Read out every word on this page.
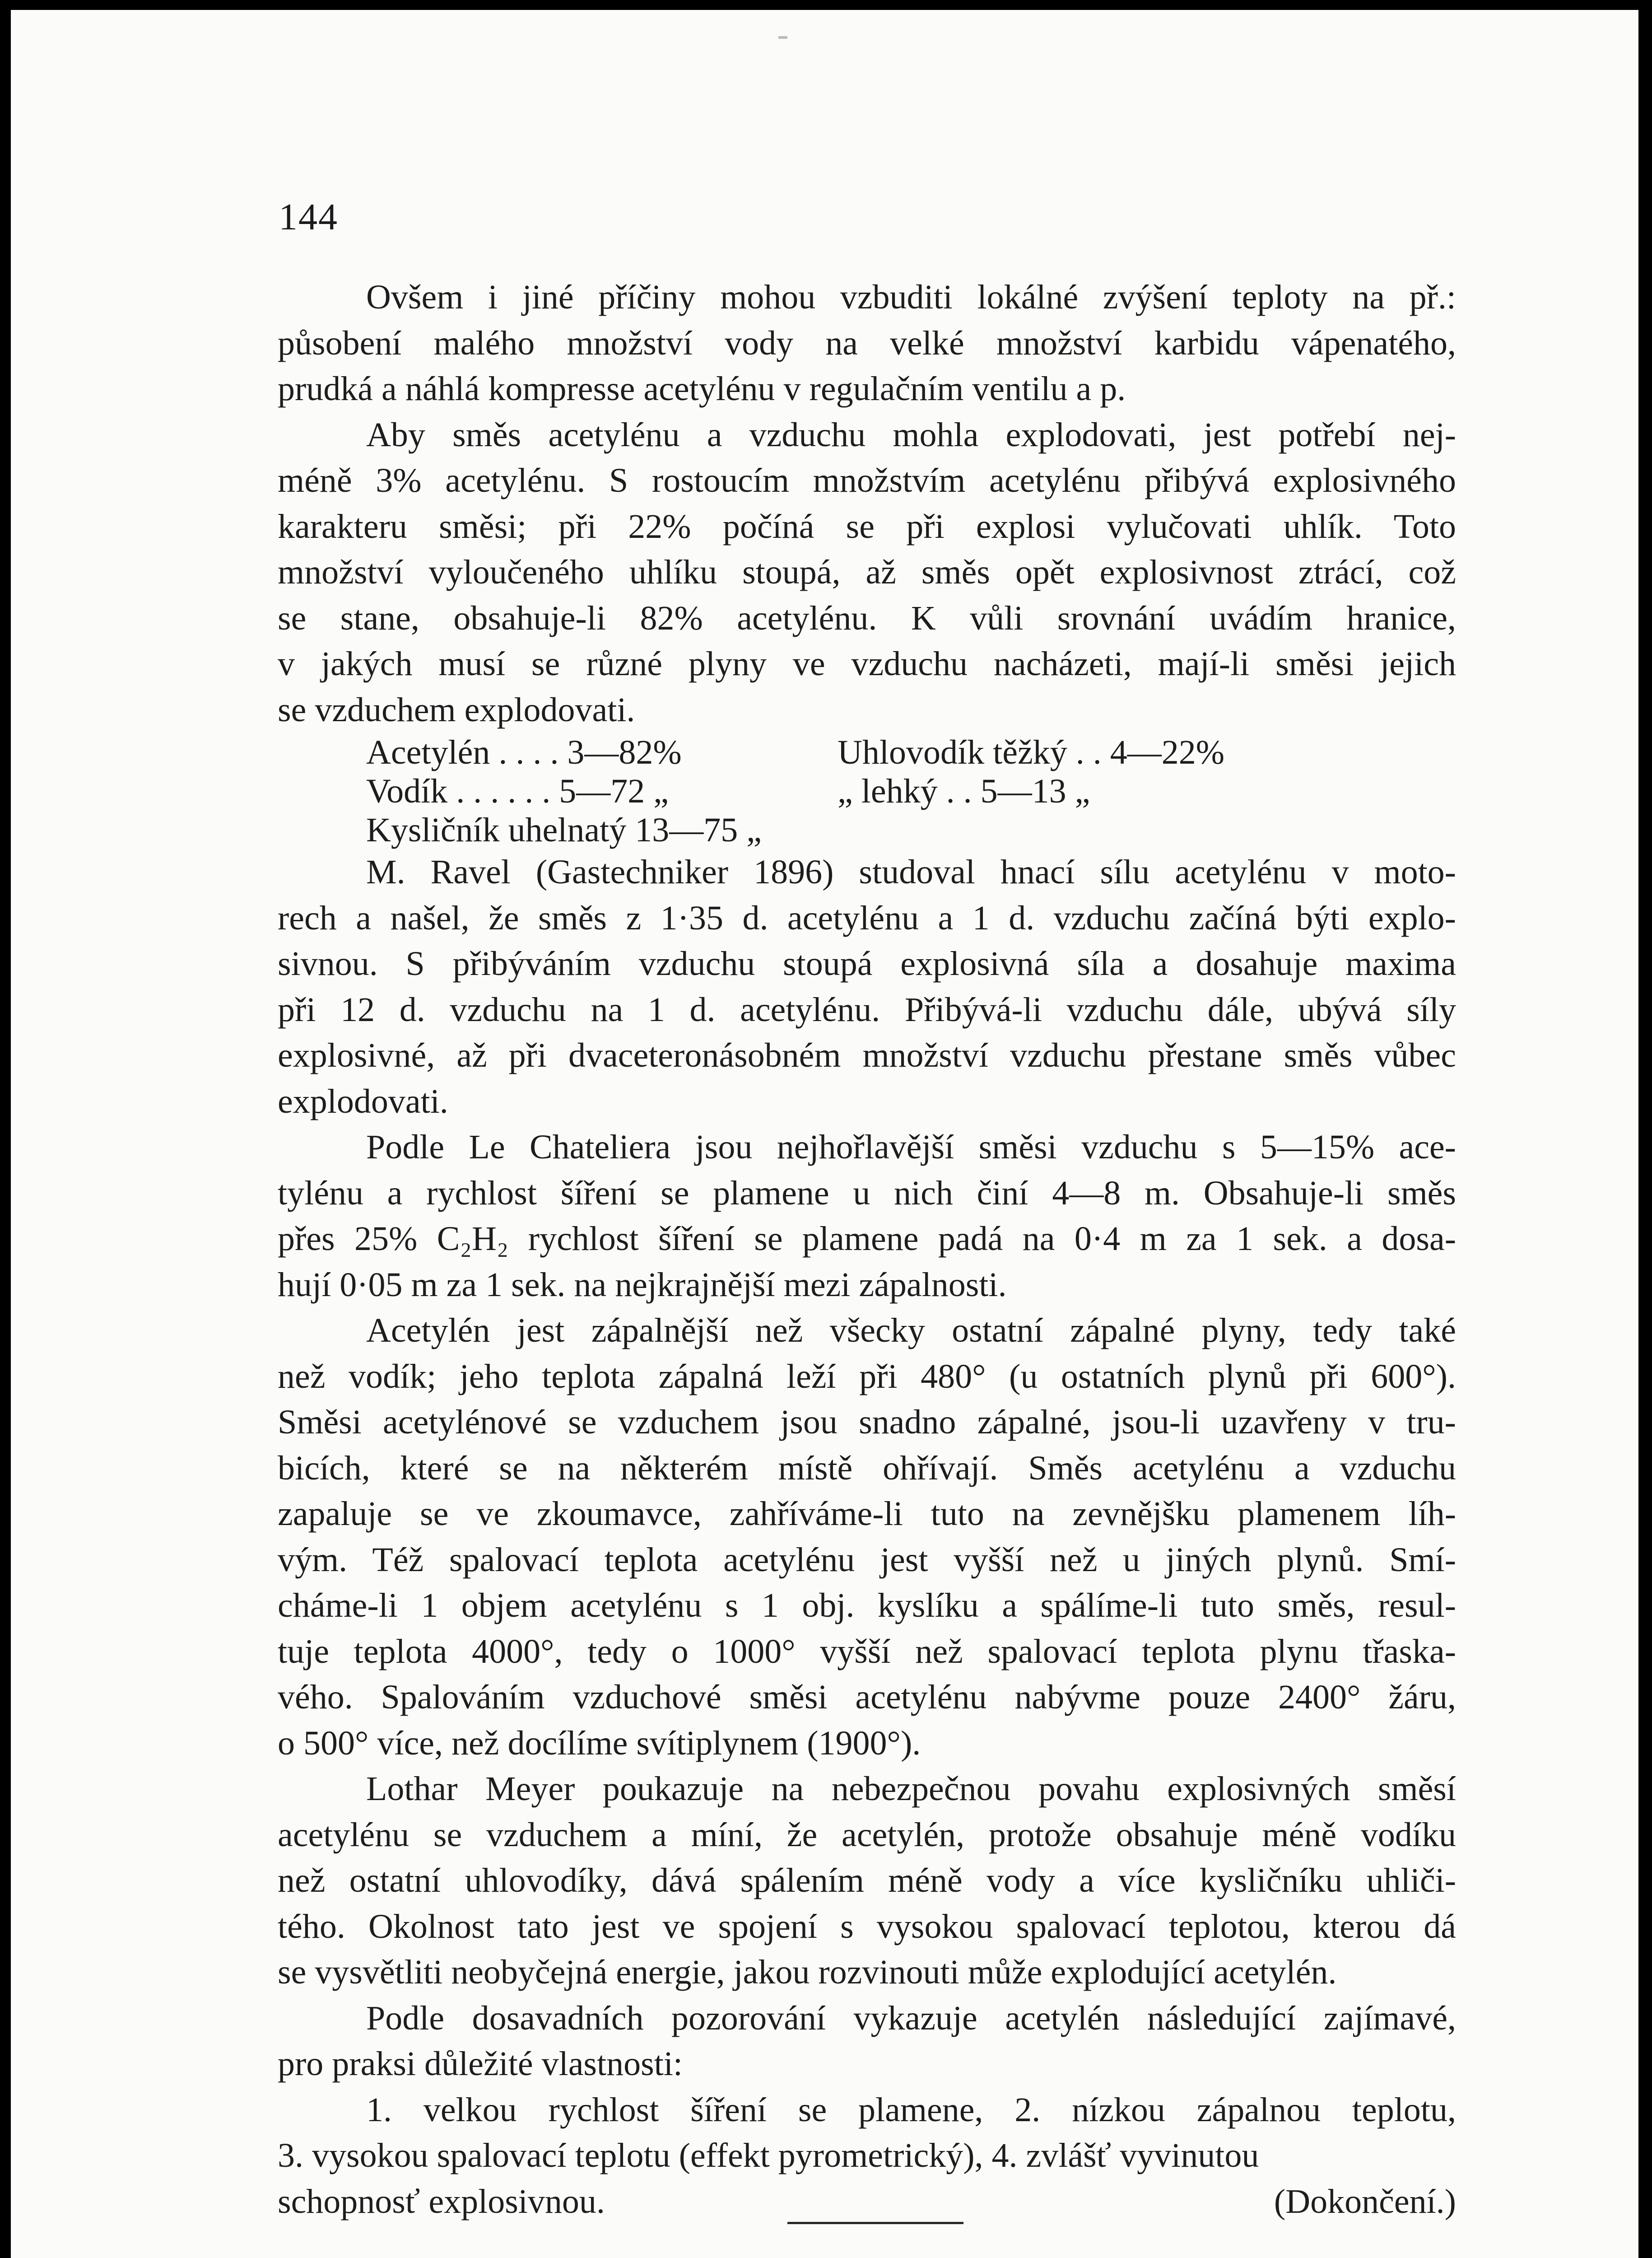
144
Ovšem i jiné příčiny mohou vzbuditi lokálné zvýšení teploty na př.:
působení malého množství vody na velké množství karbidu vápenatého,
prudká a náhlá kompresse acetylénu v regulačním ventilu a p.
Aby směs acetylénu a vzduchu mohla explodovati, jest potřebí nej-
méně 3% acetylénu. S rostoucím množstvím acetylénu přibývá explosivného
karakteru směsi; při 22% počíná se při explosi vylučovati uhlík. Toto
množství vyloučeného uhlíku stoupá, až směs opět explosivnost ztrácí, což
se stane, obsahuje-li 82% acetylénu. K vůli srovnání uvádím hranice,
v jakých musí se různé plyny ve vzduchu nacházeti, mají-li směsi jejich
se vzduchem explodovati.
Acetylén . . . . 3—82%	Uhlovodík těžký . . 4—22%
Vodík . . . . . . 5—72 „	„ lehký . . 5—13 „
Kysličník uhelnatý 13—75 „
M. Ravel (Gastechniker 1896) studoval hnací sílu acetylénu v moto-
rech a našel, že směs z 1·35 d. acetylénu a 1 d. vzduchu začíná býti explo-
sivnou. S přibýváním vzduchu stoupá explosivná síla a dosahuje maxima
při 12 d. vzduchu na 1 d. acetylénu. Přibývá-li vzduchu dále, ubývá síly
explosivné, až při dvaceteronásobném množství vzduchu přestane směs vůbec
explodovati.
Podle Le Chateliera jsou nejhořlavější směsi vzduchu s 5—15% ace-
tylénu a rychlost šíření se plamene u nich činí 4—8 m. Obsahuje-li směs
přes 25% C₂H₂ rychlost šíření se plamene padá na 0·4 m za 1 sek. a dosa-
hují 0·05 m za 1 sek. na nejkrajnější mezi zápalnosti.
Acetylén jest zápalnější než všecky ostatní zápalné plyny, tedy také
než vodík; jeho teplota zápalná leží při 480° (u ostatních plynů při 600°).
Směsi acetylénové se vzduchem jsou snadno zápalné, jsou-li uzavřeny v tru-
bicích, které se na některém místě ohřívají. Směs acetylénu a vzduchu
zapaluje se ve zkoumavce, zahříváme-li tuto na zevnějšku plamenem líh-
vým. Též spalovací teplota acetylénu jest vyšší než u jiných plynů. Smí-
cháme-li 1 objem acetylénu s 1 obj. kyslíku a spálíme-li tuto směs, resul-
tuje teplota 4000°, tedy o 1000° vyšší než spalovací teplota plynu třaska-
vého. Spalováním vzduchové směsi acetylénu nabývme pouze 2400° žáru,
o 500° více, než docílíme svítiplynem (1900°).
Lothar Meyer poukazuje na nebezpečnou povahu explosivných směsí
acetylénu se vzduchem a míní, že acetylén, protože obsahuje méně vodíku
než ostatní uhlovodíky, dává spálením méně vody a více kysličníku uhliči-
tého. Okolnost tato jest ve spojení s vysokou spalovací teplotou, kterou dá
se vysvětliti neobyčejná energie, jakou rozvinouti může explodující acetylén.
Podle dosavadních pozorování vykazuje acetylén následující zajímavé,
pro praksi důležité vlastnosti:
1. velkou rychlost šíření se plamene, 2. nízkou zápalnou teplotu,
3. vysokou spalovací teplotu (effekt pyrometrický), 4. zvlášť vyvinutou
schopnosť explosivnou.	(Dokončení.)
